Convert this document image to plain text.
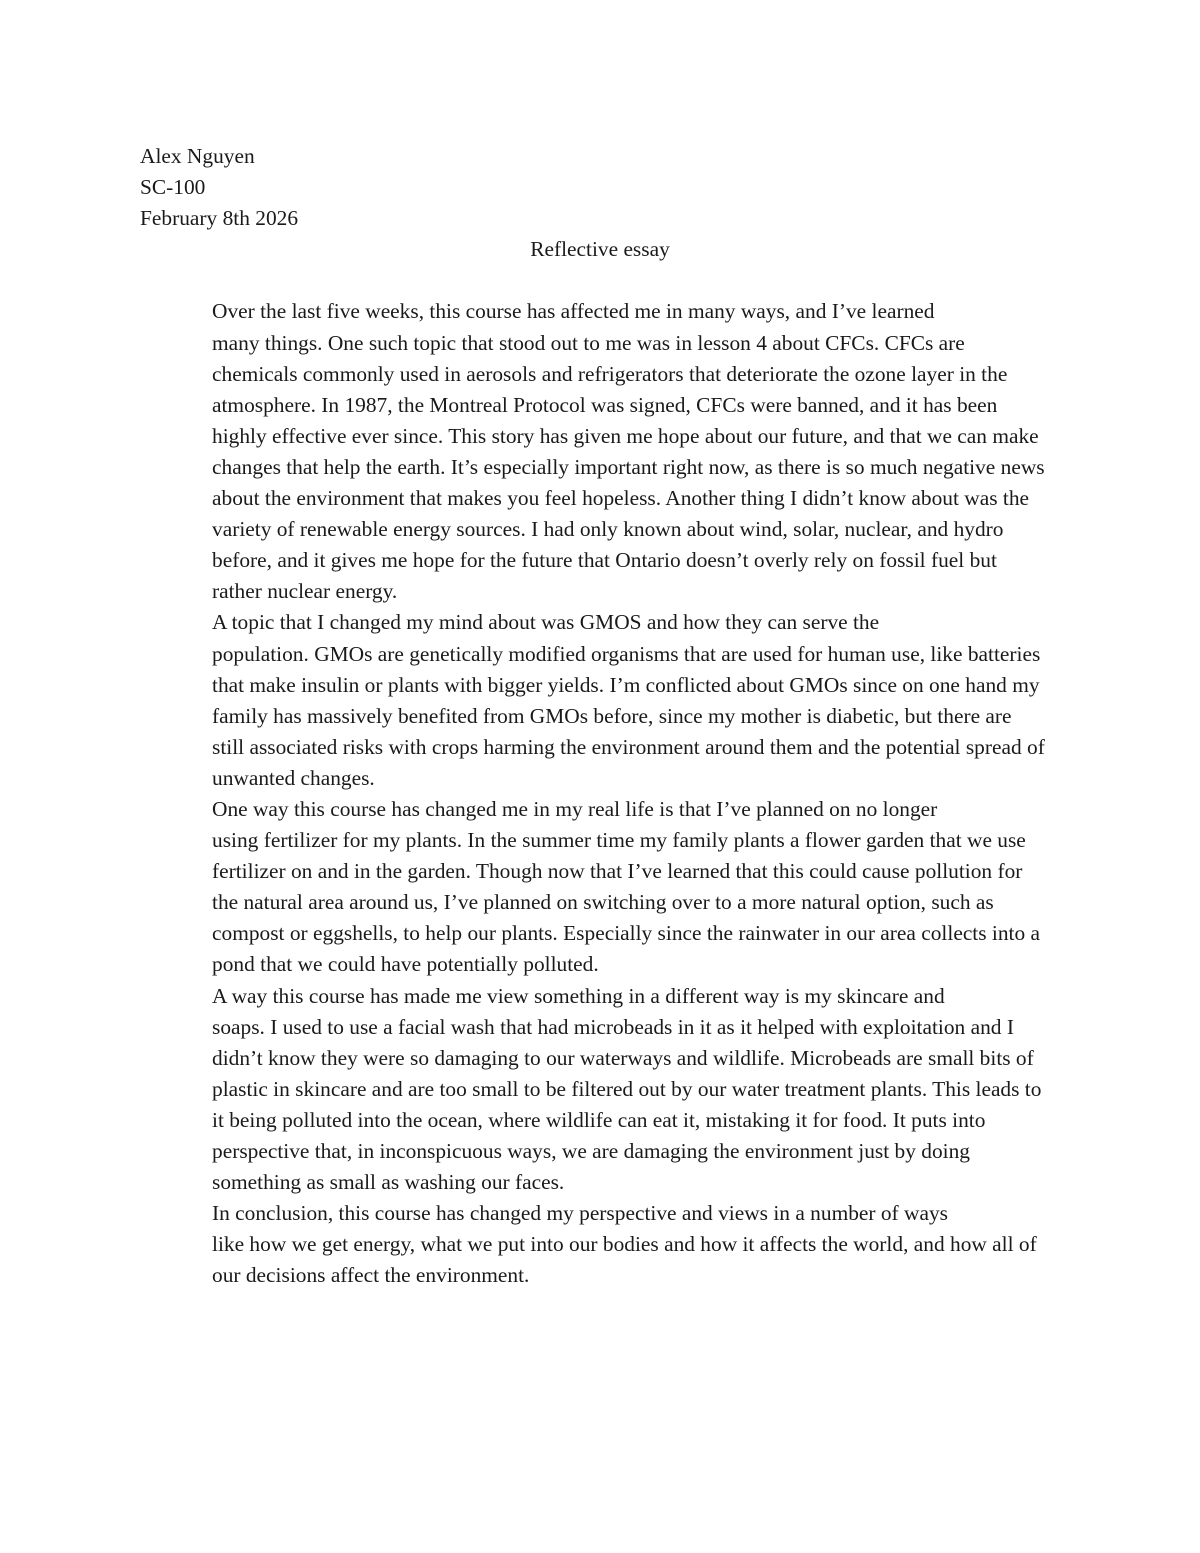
Alex Nguyen

SC-100

February 8th 2026

Reflective essay

Over the last five weeks, this course has affected me in many ways, and I’ve learned
many things. One such topic that stood out to me was in lesson 4 about CFCs. CFCs are
chemicals commonly used in aerosols and refrigerators that deteriorate the ozone layer in the
atmosphere. In 1987, the Montreal Protocol was signed, CFCs were banned, and it has been
highly effective ever since. This story has given me hope about our future, and that we can make
changes that help the earth. It’s especially important right now, as there is so much negative news
about the environment that makes you feel hopeless. Another thing I didn’t know about was the
variety of renewable energy sources. I had only known about wind, solar, nuclear, and hydro
before, and it gives me hope for the future that Ontario doesn’t overly rely on fossil fuel but
rather nuclear energy.

A topic that I changed my mind about was GMOS and how they can serve the
population. GMOs are genetically modified organisms that are used for human use, like batteries
that make insulin or plants with bigger yields. I’m conflicted about GMOs since on one hand my
family has massively benefited from GMOs before, since my mother is diabetic, but there are
still associated risks with crops harming the environment around them and the potential spread of
unwanted changes.

One way this course has changed me in my real life is that I’ve planned on no longer
using fertilizer for my plants. In the summer time my family plants a flower garden that we use
fertilizer on and in the garden. Though now that I’ve learned that this could cause pollution for
the natural area around us, I’ve planned on switching over to a more natural option, such as
compost or eggshells, to help our plants. Especially since the rainwater in our area collects into a
pond that we could have potentially polluted.

A way this course has made me view something in a different way is my skincare and
soaps. I used to use a facial wash that had microbeads in it as it helped with exploitation and I
didn’t know they were so damaging to our waterways and wildlife. Microbeads are small bits of
plastic in skincare and are too small to be filtered out by our water treatment plants. This leads to
it being polluted into the ocean, where wildlife can eat it, mistaking it for food. It puts into
perspective that, in inconspicuous ways, we are damaging the environment just by doing
something as small as washing our faces.

In conclusion, this course has changed my perspective and views in a number of ways
like how we get energy, what we put into our bodies and how it affects the world, and how all of
our decisions affect the environment.
